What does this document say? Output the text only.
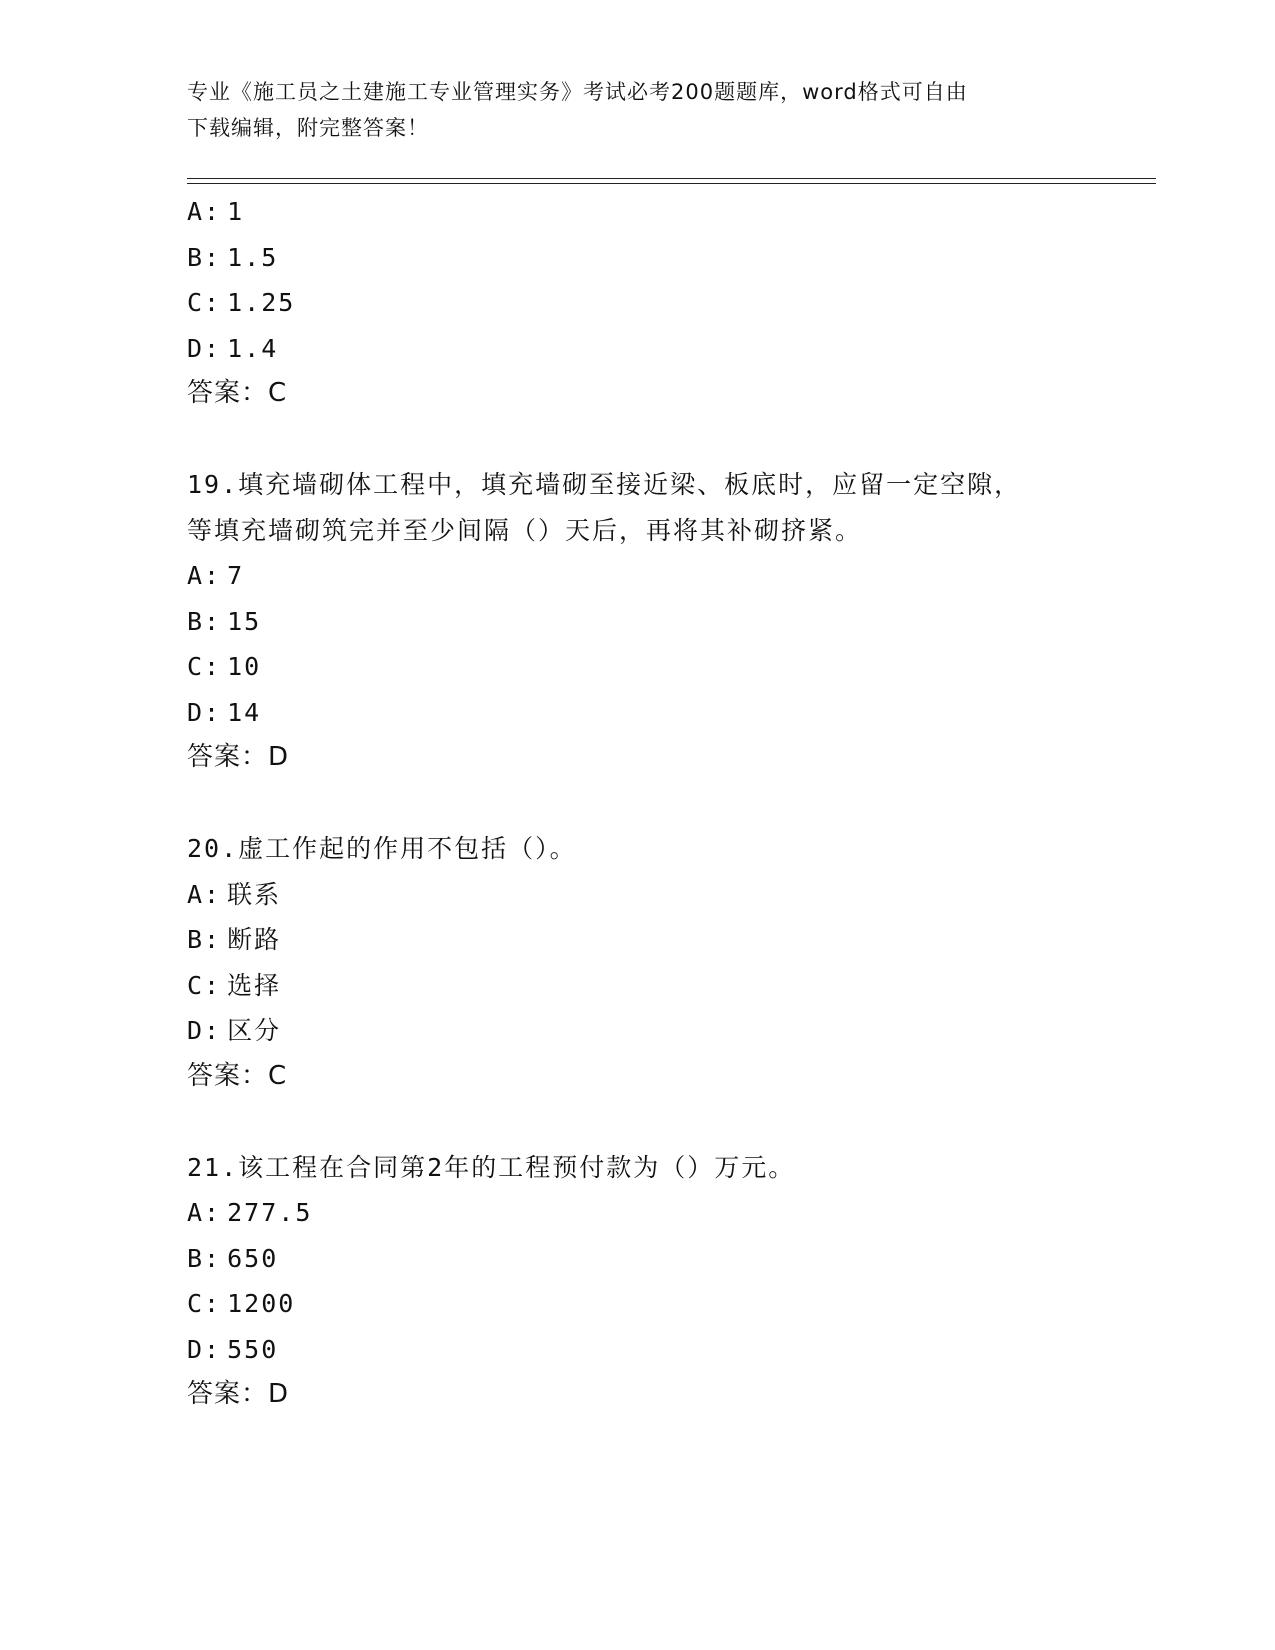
专业《施工员之土建施工专业管理实务》考试必考200题题库，word格式可自由
下载编辑，附完整答案！
A: 1
B: 1.5
C: 1.25
D: 1.4
答案：C
19.填充墙砌体工程中，填充墙砌至接近梁、板底时，应留一定空隙，
等填充墙砌筑完并至少间隔（）天后，再将其补砌挤紧。
A: 7
B: 15
C: 10
D: 14
答案：D
20.虚工作起的作用不包括（）。
A: 联系
B: 断路
C: 选择
D: 区分
答案：C
21.该工程在合同第2年的工程预付款为（）万元。
A: 277.5
B: 650
C: 1200
D: 550
答案：D
